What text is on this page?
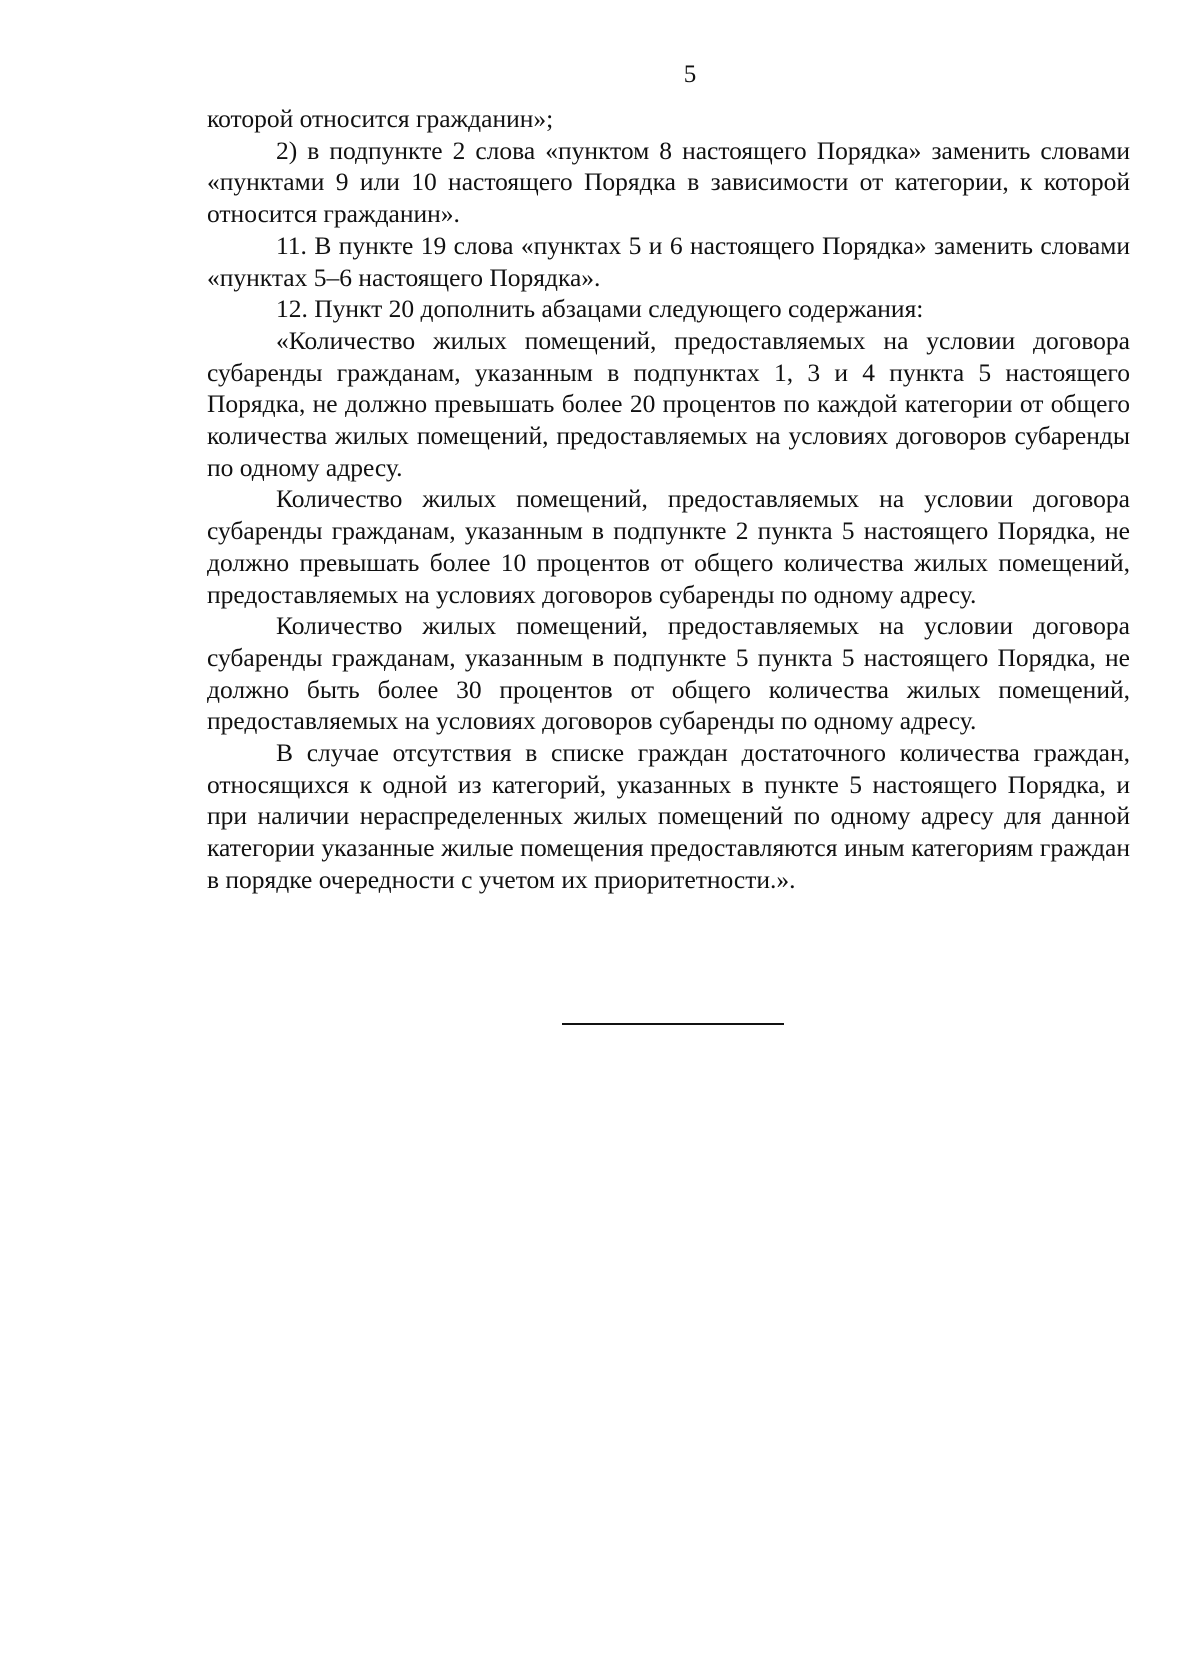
5

которой относится гражданин»;

2) в подпункте 2 слова «пунктом 8 настоящего Порядка» заменить словами «пунктами 9 или 10 настоящего Порядка в зависимости от категории, к которой относится гражданин».

11. В пункте 19 слова «пунктах 5 и 6 настоящего Порядка» заменить словами «пунктах 5–6 настоящего Порядка».

12. Пункт 20 дополнить абзацами следующего содержания:

«Количество жилых помещений, предоставляемых на условии договора субаренды гражданам, указанным в подпунктах 1, 3 и 4 пункта 5 настоящего Порядка, не должно превышать более 20 процентов по каждой категории от общего количества жилых помещений, предоставляемых на условиях договоров субаренды по одному адресу.

Количество жилых помещений, предоставляемых на условии договора субаренды гражданам, указанным в подпункте 2 пункта 5 настоящего Порядка, не должно превышать более 10 процентов от общего количества жилых помещений, предоставляемых на условиях договоров субаренды по одному адресу.

Количество жилых помещений, предоставляемых на условии договора субаренды гражданам, указанным в подпункте 5 пункта 5 настоящего Порядка, не должно быть более 30 процентов от общего количества жилых помещений, предоставляемых на условиях договоров субаренды по одному адресу.

В случае отсутствия в списке граждан достаточного количества граждан, относящихся к одной из категорий, указанных в пункте 5 настоящего Порядка, и при наличии нераспределенных жилых помещений по одному адресу для данной категории указанные жилые помещения предоставляются иным категориям граждан в порядке очередности с учетом их приоритетности.».
